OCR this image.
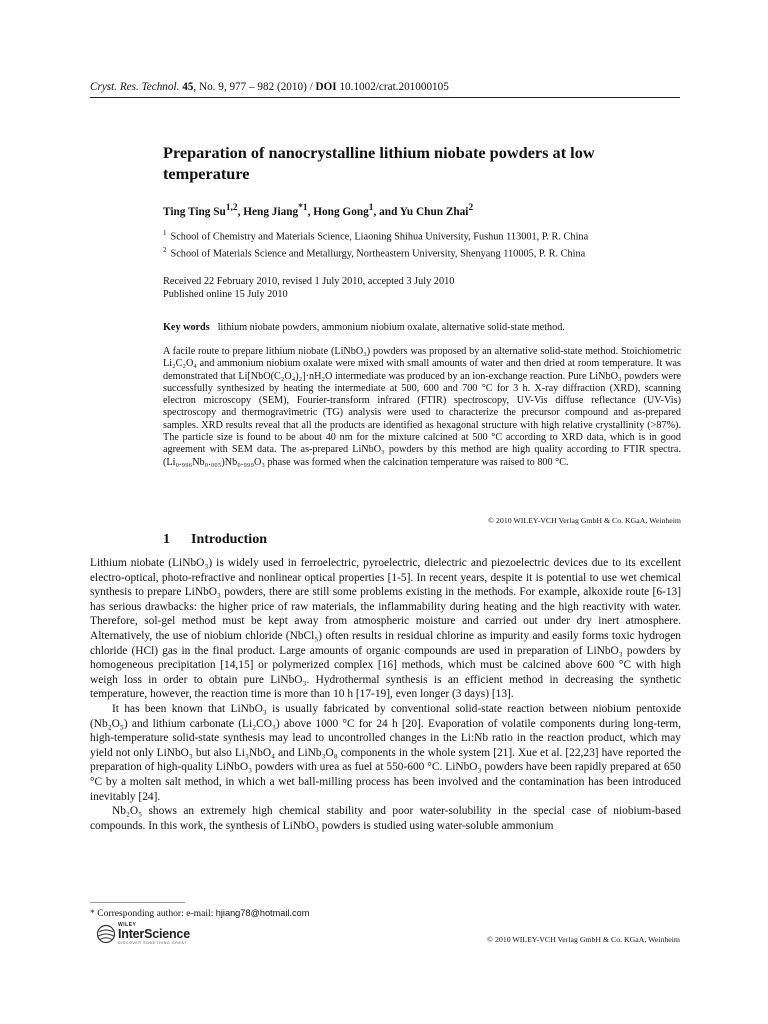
Cryst. Res. Technol. 45, No. 9, 977 – 982 (2010) / DOI 10.1002/crat.201000105
Preparation of nanocrystalline lithium niobate powders at low temperature
Ting Ting Su$^{1,2}$, Heng Jiang$^{*1}$, Hong Gong$^1$, and Yu Chun Zhai$^2$
$^1$ School of Chemistry and Materials Science, Liaoning Shihua University, Fushun 113001, P. R. China
$^2$ School of Materials Science and Metallurgy, Northeastern University, Shenyang 110005, P. R. China
Received 22 February 2010, revised 1 July 2010, accepted 3 July 2010
Published online 15 July 2010
Key words lithium niobate powders, ammonium niobium oxalate, alternative solid-state method.

A facile route to prepare lithium niobate (LiNbO₃) powders was proposed by an alternative solid-state method. Stoichiometric Li₂C₂O₄ and ammonium niobium oxalate were mixed with small amounts of water and then dried at room temperature. It was demonstrated that Li[NbO(C₂O₄)₂]·nH₂O intermediate was produced by an ion-exchange reaction. Pure LiNbO₃ powders were successfully synthesized by heating the intermediate at 500, 600 and 700 °C for 3 h. X-ray diffraction (XRD), scanning electron microscopy (SEM), Fourier-transform infrared (FTIR) spectroscopy, UV-Vis diffuse reflectance (UV-Vis) spectroscopy and thermogravimetric (TG) analysis were used to characterize the precursor compound and as-prepared samples. XRD results reveal that all the products are identified as hexagonal structure with high relative crystallinity (>87%). The particle size is found to be about 40 nm for the mixture calcined at 500 °C according to XRD data, which is in good agreement with SEM data. The as-prepared LiNbO₃ powders by this method are high quality according to FTIR spectra. (Li₀.₉₉₆Nb₀.₀₀₅)Nb₀.₉₉₉O₃ phase was formed when the calcination temperature was raised to 800 °C.

© 2010 WILEY-VCH Verlag GmbH & Co. KGaA, Weinheim
1 Introduction

Lithium niobate (LiNbO₃) is widely used in ferroelectric, pyroelectric, dielectric and piezoelectric devices due to its excellent electro-optical, photo-refractive and nonlinear optical properties [1-5]. In recent years, despite it is potential to use wet chemical synthesis to prepare LiNbO₃ powders, there are still some problems existing in the methods. For example, alkoxide route [6-13] has serious drawbacks: the higher price of raw materials, the inflammability during heating and the high reactivity with water. Therefore, sol-gel method must be kept away from atmospheric moisture and carried out under dry inert atmosphere. Alternatively, the use of niobium chloride (NbCl₅) often results in residual chlorine as impurity and easily forms toxic hydrogen chloride (HCl) gas in the final product. Large amounts of organic compounds are used in preparation of LiNbO₃ powders by homogeneous precipitation [14,15] or polymerized complex [16] methods, which must be calcined above 600 °C with high weigh loss in order to obtain pure LiNbO₃. Hydrothermal synthesis is an efficient method in decreasing the synthetic temperature, however, the reaction time is more than 10 h [17-19], even longer (3 days) [13].

It has been known that LiNbO₃ is usually fabricated by conventional solid-state reaction between niobium pentoxide (Nb₂O₅) and lithium carbonate (Li₂CO₃) above 1000 °C for 24 h [20]. Evaporation of volatile components during long-term, high-temperature solid-state synthesis may lead to uncontrolled changes in the Li:Nb ratio in the reaction product, which may yield not only LiNbO₃ but also Li₃NbO₄ and LiNb₃O₈ components in the whole system [21]. Xue et al. [22,23] have reported the preparation of high-quality LiNbO₃ powders with urea as fuel at 550-600 °C. LiNbO₃ powders have been rapidly prepared at 650 °C by a molten salt method, in which a wet ball-milling process has been involved and the contamination has been introduced inevitably [24].

Nb₂O₅ shows an extremely high chemical stability and poor water-solubility in the special case of niobium-based compounds. In this work, the synthesis of LiNbO₃ powders is studied using water-soluble ammonium

* Corresponding author: e-mail: hjiang78@hotmail.com
WILEY
InterScience
DISCOVER SOMETHING GREAT	© 2010 WILEY-VCH Verlag GmbH & Co. KGaA, Weinheim
